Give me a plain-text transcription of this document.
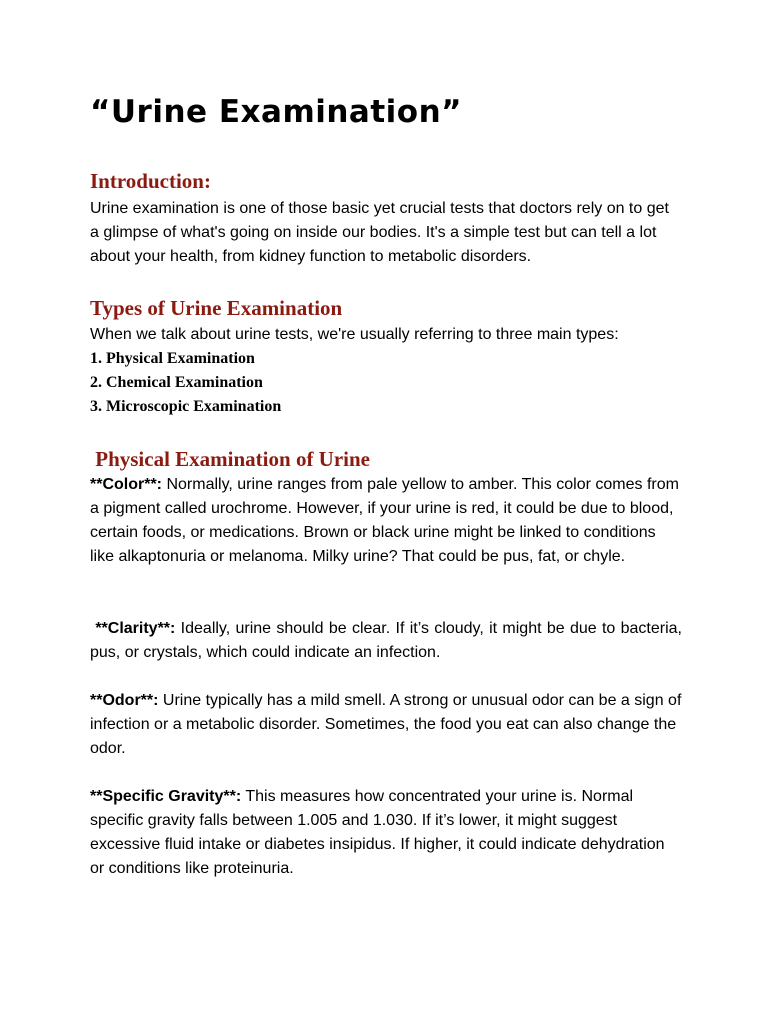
“Urine Examination”
Introduction:

Urine examination is one of those basic yet crucial tests that doctors rely on to get a glimpse of what's going on inside our bodies. It's a simple test but can tell a lot about your health, from kidney function to metabolic disorders.

Types of Urine Examination

When we talk about urine tests, we're usually referring to three main types:

1. Physical Examination
2. Chemical Examination
3. Microscopic Examination
Physical Examination of Urine

**Color**: Normally, urine ranges from pale yellow to amber. This color comes from a pigment called urochrome. However, if your urine is red, it could be due to blood, certain foods, or medications. Brown or black urine might be linked to conditions like alkaptonuria or melanoma. Milky urine? That could be pus, fat, or chyle.

**Clarity**: Ideally, urine should be clear. If it’s cloudy, it might be due to bacteria, pus, or crystals, which could indicate an infection.

**Odor**: Urine typically has a mild smell. A strong or unusual odor can be a sign of infection or a metabolic disorder. Sometimes, the food you eat can also change the odor.

**Specific Gravity**: This measures how concentrated your urine is. Normal specific gravity falls between 1.005 and 1.030. If it’s lower, it might suggest excessive fluid intake or diabetes insipidus. If higher, it could indicate dehydration or conditions like proteinuria.
